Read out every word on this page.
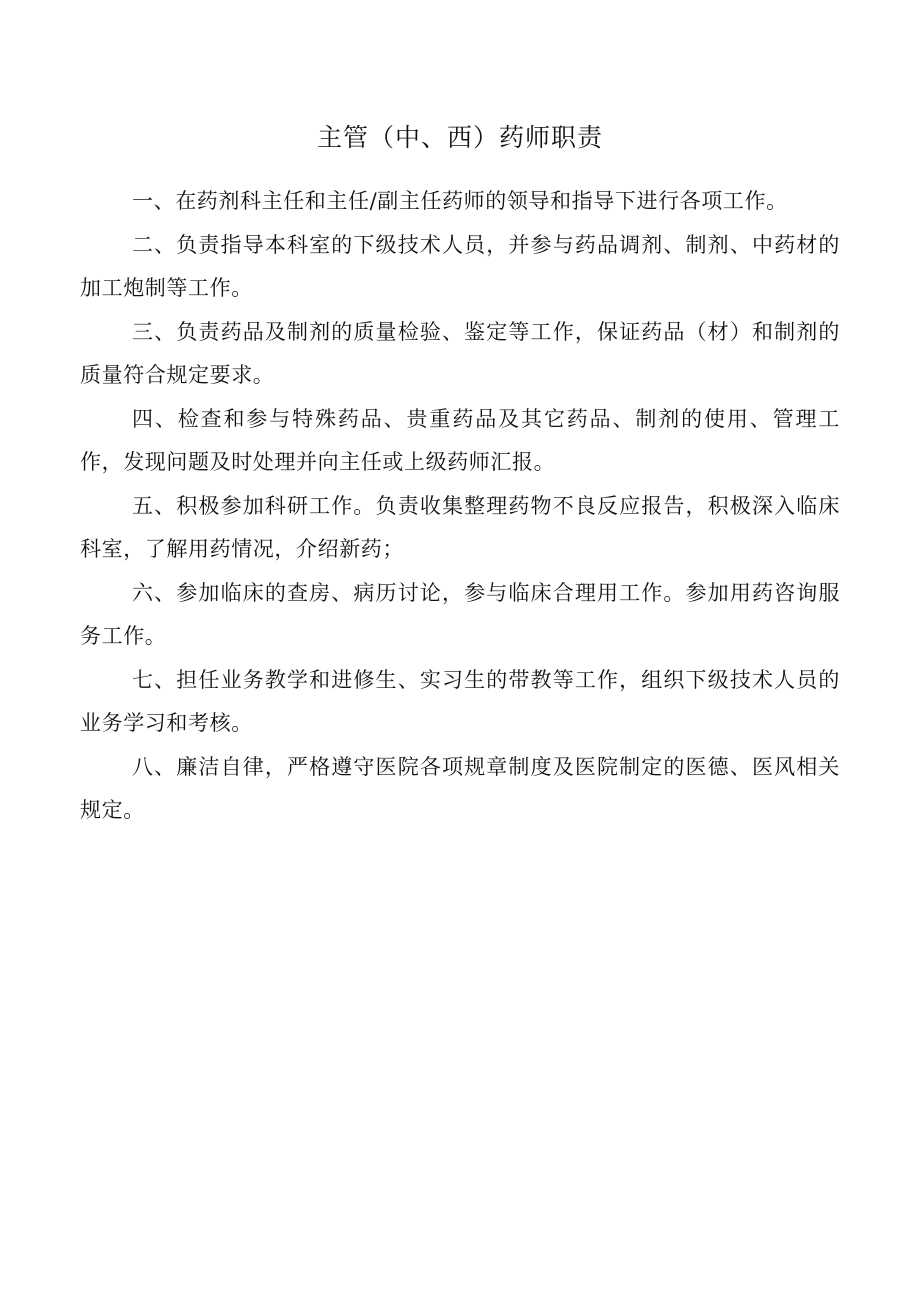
主管（中、西）药师职责

一、在药剂科主任和主任/副主任药师的领导和指导下进行各项工作。

二、负责指导本科室的下级技术人员，并参与药品调剂、制剂、中药材的加工炮制等工作。

三、负责药品及制剂的质量检验、鉴定等工作，保证药品（材）和制剂的质量符合规定要求。

四、检查和参与特殊药品、贵重药品及其它药品、制剂的使用、管理工作，发现问题及时处理并向主任或上级药师汇报。

五、积极参加科研工作。负责收集整理药物不良反应报告，积极深入临床科室，了解用药情况，介绍新药；

六、参加临床的查房、病历讨论，参与临床合理用工作。参加用药咨询服务工作。

七、担任业务教学和进修生、实习生的带教等工作，组织下级技术人员的业务学习和考核。

八、廉洁自律，严格遵守医院各项规章制度及医院制定的医德、医风相关规定。
